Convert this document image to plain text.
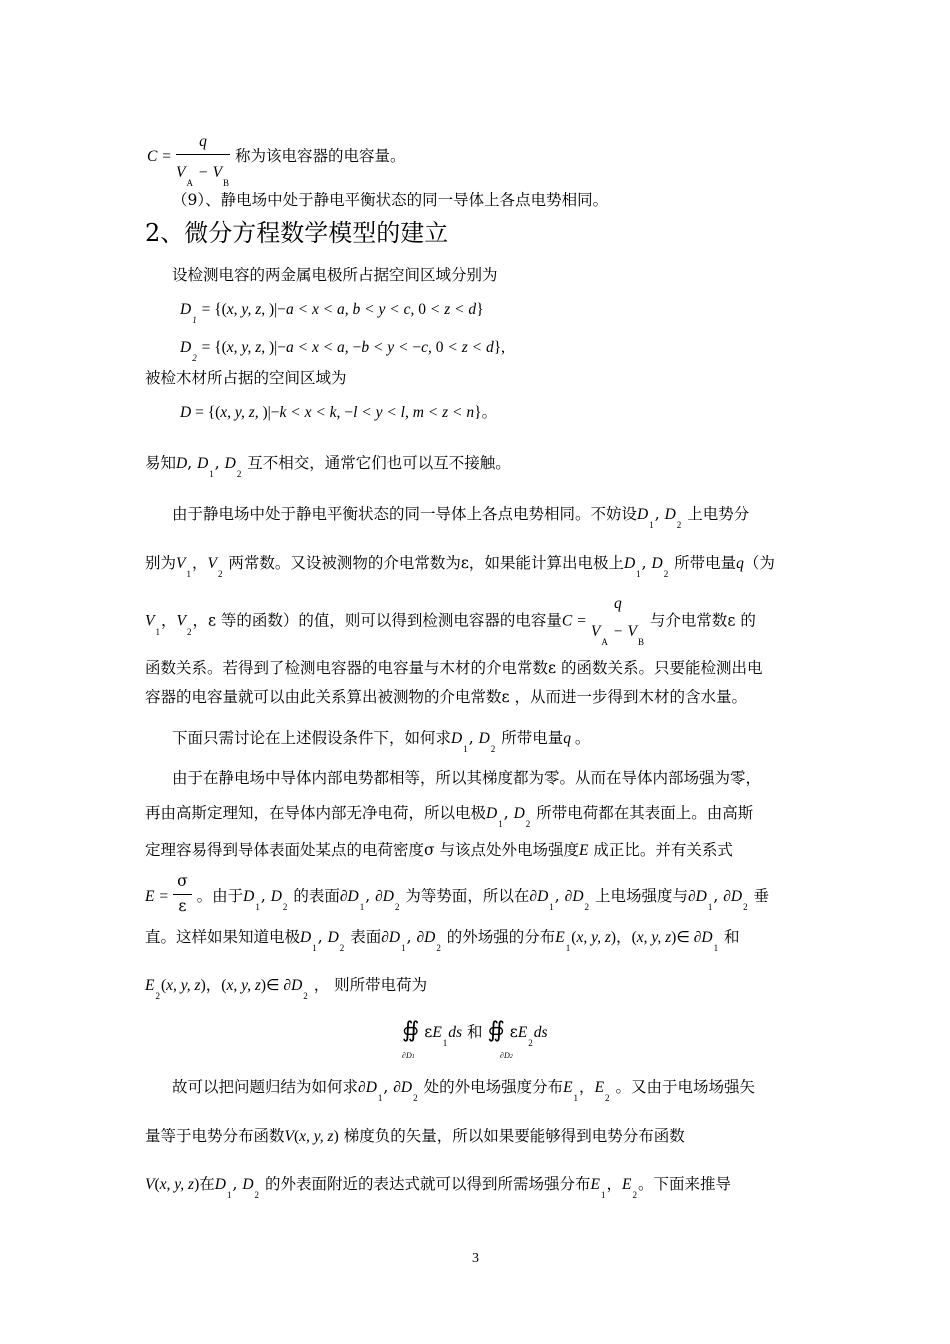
$C = \frac{q}{V_A - V_B}$ 称为该电容器的电容量。
（9）、静电场中处于静电平衡状态的同一导体上各点电势相同。
2、微分方程数学模型的建立
设检测电容的两金属电极所占据空间区域分别为
$D_1 = \{(x$, y, z, )|−a < x < a, b < y < c, 0 < z < d}
$D_2 = \{(x$, y, z, )|−a < x < a, −b < y < −c, 0 < z < d},
被检木材所占据的空间区域为
D = {(x, y, z, )|−k < x < k, −l < y < l, m < z < n}。
易知D, $D_1$, $D_2$ 互不相交，通常它们也可以互不接触。
由于静电场中处于静电平衡状态的同一导体上各点电势相同。不妨设$D_1$, $D_2$ 上电势分
别为$V_1$，$V_2$ 两常数。又设被测物的介电常数为ε，如果能计算出电极上$D_1$, $D_2$ 所带电量q（为
$V_1$，$V_2$，ε 等的函数）的值，则可以得到检测电容器的电容量C =
q
$V_A - V_B$
与介电常数ε 的
函数关系。若得到了检测电容器的电容量与木材的介电常数ε 的函数关系。只要能检测出电
容器的电容量就可以由此关系算出被测物的介电常数ε ，从而进一步得到木材的含水量。
下面只需讨论在上述假设条件下，如何求$D_1$, $D_2$ 所带电量q 。
由于在静电场中导体内部电势都相等，所以其梯度都为零。从而在导体内部场强为零，
再由高斯定理知，在导体内部无净电荷，所以电极$D_1$, $D_2$ 所带电荷都在其表面上。由高斯
定理容易得到导体表面处某点的电荷密度σ 与该点处外电场强度E 成正比。并有关系式
$E = \frac{\sigma}{\varepsilon}$ 。由于$D_1$, $D_2$ 的表面$\partial D_1$, $\partial D_2$ 为等势面，所以在$\partial D_1$, $\partial D_2$ 上电场强度与$\partial D_1$, $\partial D_2$ 垂
直。这样如果知道电极$D_1$, $D_2$ 表面$\partial D_1$, $\partial D_2$ 的外场强的分布$E_1(x$, y, z)，(x, y, z)∈ $\partial D_1$ 和
$E_2(x$, y, z)，(x, y, z)∈ $\partial D_2$ ， 则所带电荷为
∯ $\varepsilon E_1ds$ 和 ∯ $\varepsilon E_2ds$
∂D1	∂D2
故可以把问题归结为如何求$\partial D_1$, $\partial D_2$ 处的外电场强度分布$E_1$，$E_2$ 。又由于电场场强矢
量等于电势分布函数V(x, y, z) 梯度负的矢量，所以如果要能够得到电势分布函数
V(x, y, z)在$D_1$, $D_2$ 的外表面附近的表达式就可以得到所需场强分布$E_1$，$E_2$。下面来推导
3
